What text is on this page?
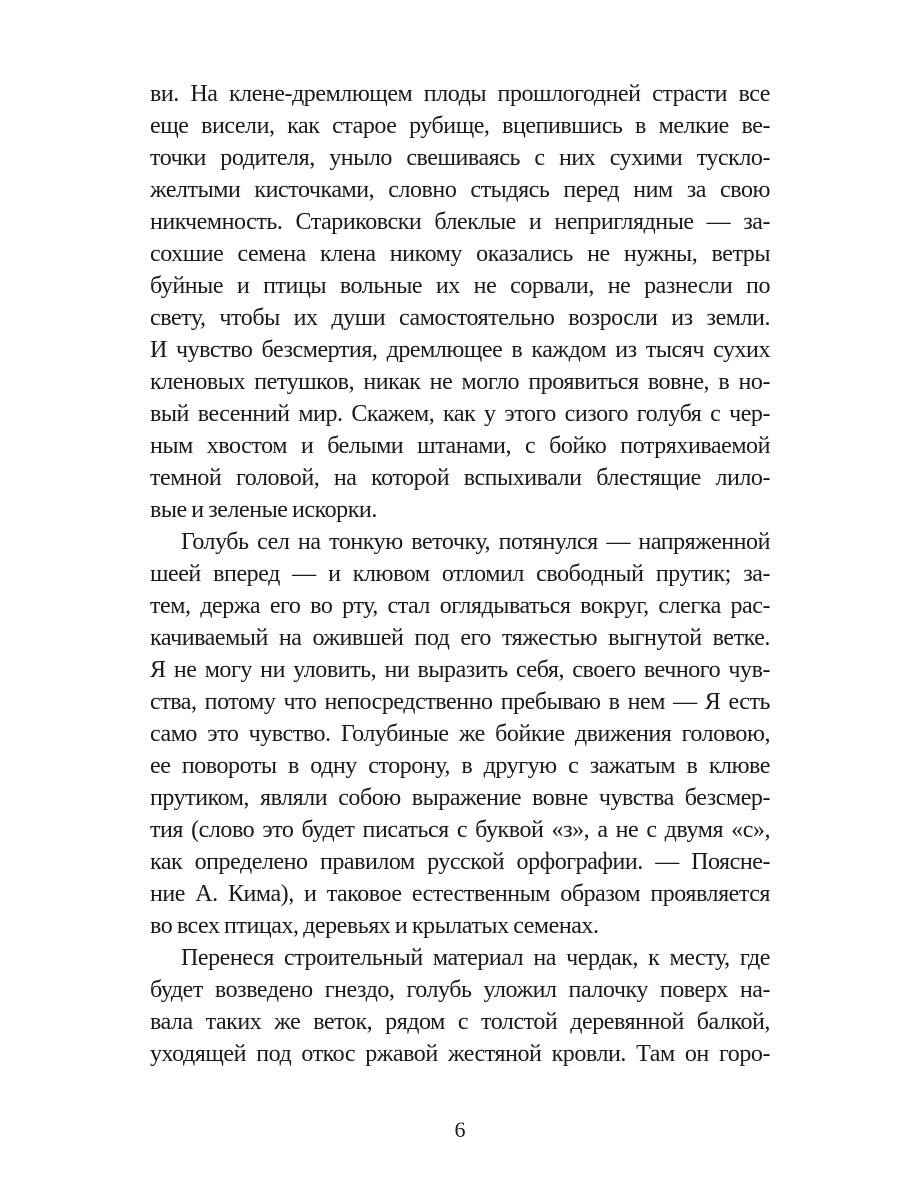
ви. На клене-дремлющем плоды прошлогодней страсти все
еще висели, как старое рубище, вцепившись в мелкие ве-
точки родителя, уныло свешиваясь с них сухими тускло-
желтыми кисточками, словно стыдясь перед ним за свою
никчемность. Стариковски блеклые и неприглядные — за-
сохшие семена клена никому оказались не нужны, ветры
буйные и птицы вольные их не сорвали, не разнесли по
свету, чтобы их души самостоятельно возросли из земли.
И чувство безсмертия, дремлющее в каждом из тысяч сухих
кленовых петушков, никак не могло проявиться вовне, в но-
вый весенний мир. Скажем, как у этого сизого голубя с чер-
ным хвостом и белыми штанами, с бойко потряхиваемой
темной головой, на которой вспыхивали блестящие лило-
вые и зеленые искорки.
Голубь сел на тонкую веточку, потянулся — напряженной
шеей вперед — и клювом отломил свободный прутик; за-
тем, держа его во рту, стал оглядываться вокруг, слегка рас-
качиваемый на ожившей под его тяжестью выгнутой ветке.
Я не могу ни уловить, ни выразить себя, своего вечного чув-
ства, потому что непосредственно пребываю в нем — Я есть
само это чувство. Голубиные же бойкие движения головою,
ее повороты в одну сторону, в другую с зажатым в клюве
прутиком, являли собою выражение вовне чувства безсмер-
тия (слово это будет писаться с буквой «з», а не с двумя «с»,
как определено правилом русской орфографии. — Поясне-
ние А. Кима), и таковое естественным образом проявляется
во всех птицах, деревьях и крылатых семенах.
Перенеся строительный материал на чердак, к месту, где
будет возведено гнездо, голубь уложил палочку поверх на-
вала таких же веток, рядом с толстой деревянной балкой,
уходящей под откос ржавой жестяной кровли. Там он горо-
6
